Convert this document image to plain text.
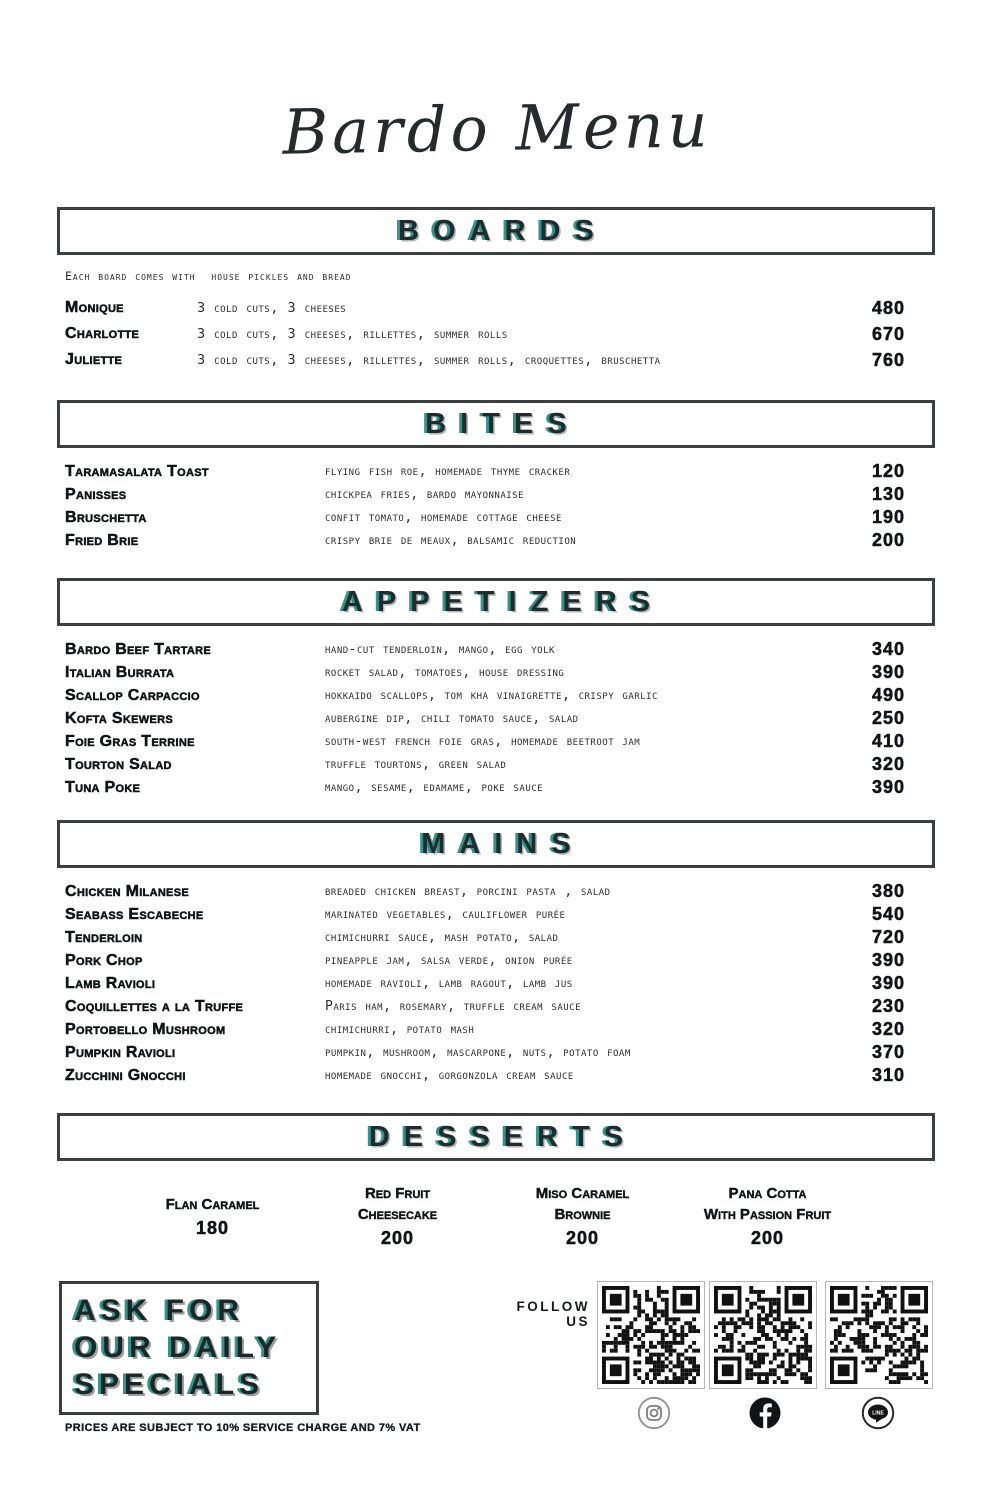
Bardo Menu
BOARDS
Each board comes with  house pickles and bread
Monique	3 cold cuts, 3 cheeses	480
Charlotte	3 cold cuts, 3 cheeses, rillettes, summer rolls	670
Juliette	3 cold cuts, 3 cheeses, rillettes, summer rolls, croquettes, bruschetta	760
BITES
Taramasalata Toast	flying fish roe, homemade thyme cracker	120
Panisses	chickpea fries, bardo mayonnaise	130
Bruschetta	confit tomato, homemade cottage cheese	190
Fried Brie	crispy brie de meaux, balsamic reduction	200
APPETIZERS
Bardo Beef Tartare	hand-cut tenderloin, mango, egg yolk	340
Italian Burrata	rocket salad, tomatoes, house dressing	390
Scallop Carpaccio	hokkaido scallops, tom kha vinaigrette, crispy garlic	490
Kofta Skewers	aubergine dip, chili tomato sauce, salad	250
Foie Gras Terrine	south-west french foie gras, homemade beetroot jam	410
Tourton Salad	truffle tourtons, green salad	320
Tuna Poke	mango, sesame, edamame, poke sauce	390
MAINS
Chicken Milanese	breaded chicken breast, porcini pasta , salad	380
Seabass Escabeche	marinated vegetables, cauliflower purée	540
Tenderloin	chimichurri sauce, mash potato, salad	720
Pork Chop	pineapple jam, salsa verde, onion purée	390
Lamb Ravioli	homemade ravioli, lamb ragout, lamb jus	390
Coquillettes a la Truffe	Paris ham, rosemary, truffle cream sauce	230
Portobello Mushroom	chimichurri, potato mash	320
Pumpkin Ravioli	pumpkin, mushroom, mascarpone, nuts, potato foam	370
Zucchini Gnocchi	homemade gnocchi, gorgonzola cream sauce	310
DESSERTS
Flan Caramel
180
Red Fruit
Cheesecake
200
Miso Caramel
Brownie
200
Pana Cotta
With Passion Fruit
200
ASK FOR
OUR DAILY
SPECIALS
PRICES ARE SUBJECT TO 10% SERVICE CHARGE AND 7% VAT
FOLLOW
US
LINE
